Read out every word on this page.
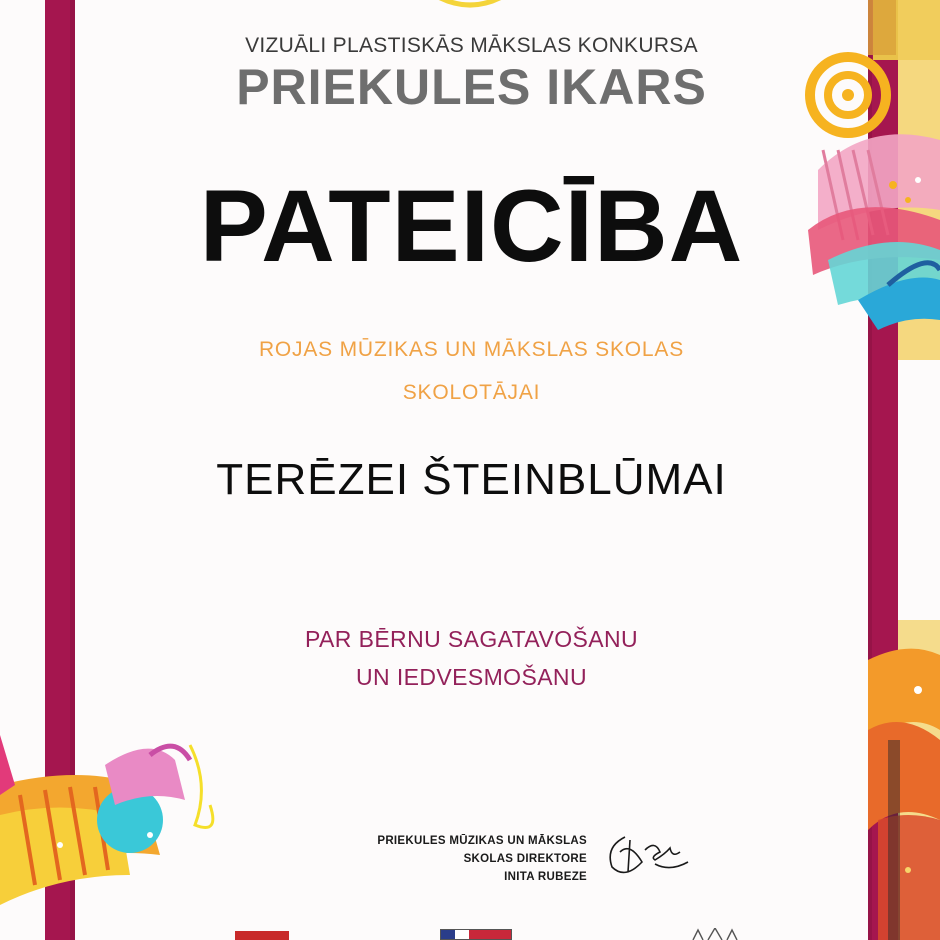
VIZUĀLI PLASTISKĀS MĀKSLAS KONKURSA
PRIEKULES IKARS
PATEICĪBA
ROJAS MŪZIKAS UN MĀKSLAS SKOLAS
SKOLOTĀJAI
TERĒZEI ŠTEINBLŪMAI
PAR BĒRNU SAGATAVOŠANU
UN IEDVESMOŠANU
PRIEKULES MŪZIKAS UN MĀKSLAS
SKOLAS DIREKTORE
INITA RUBEZE
